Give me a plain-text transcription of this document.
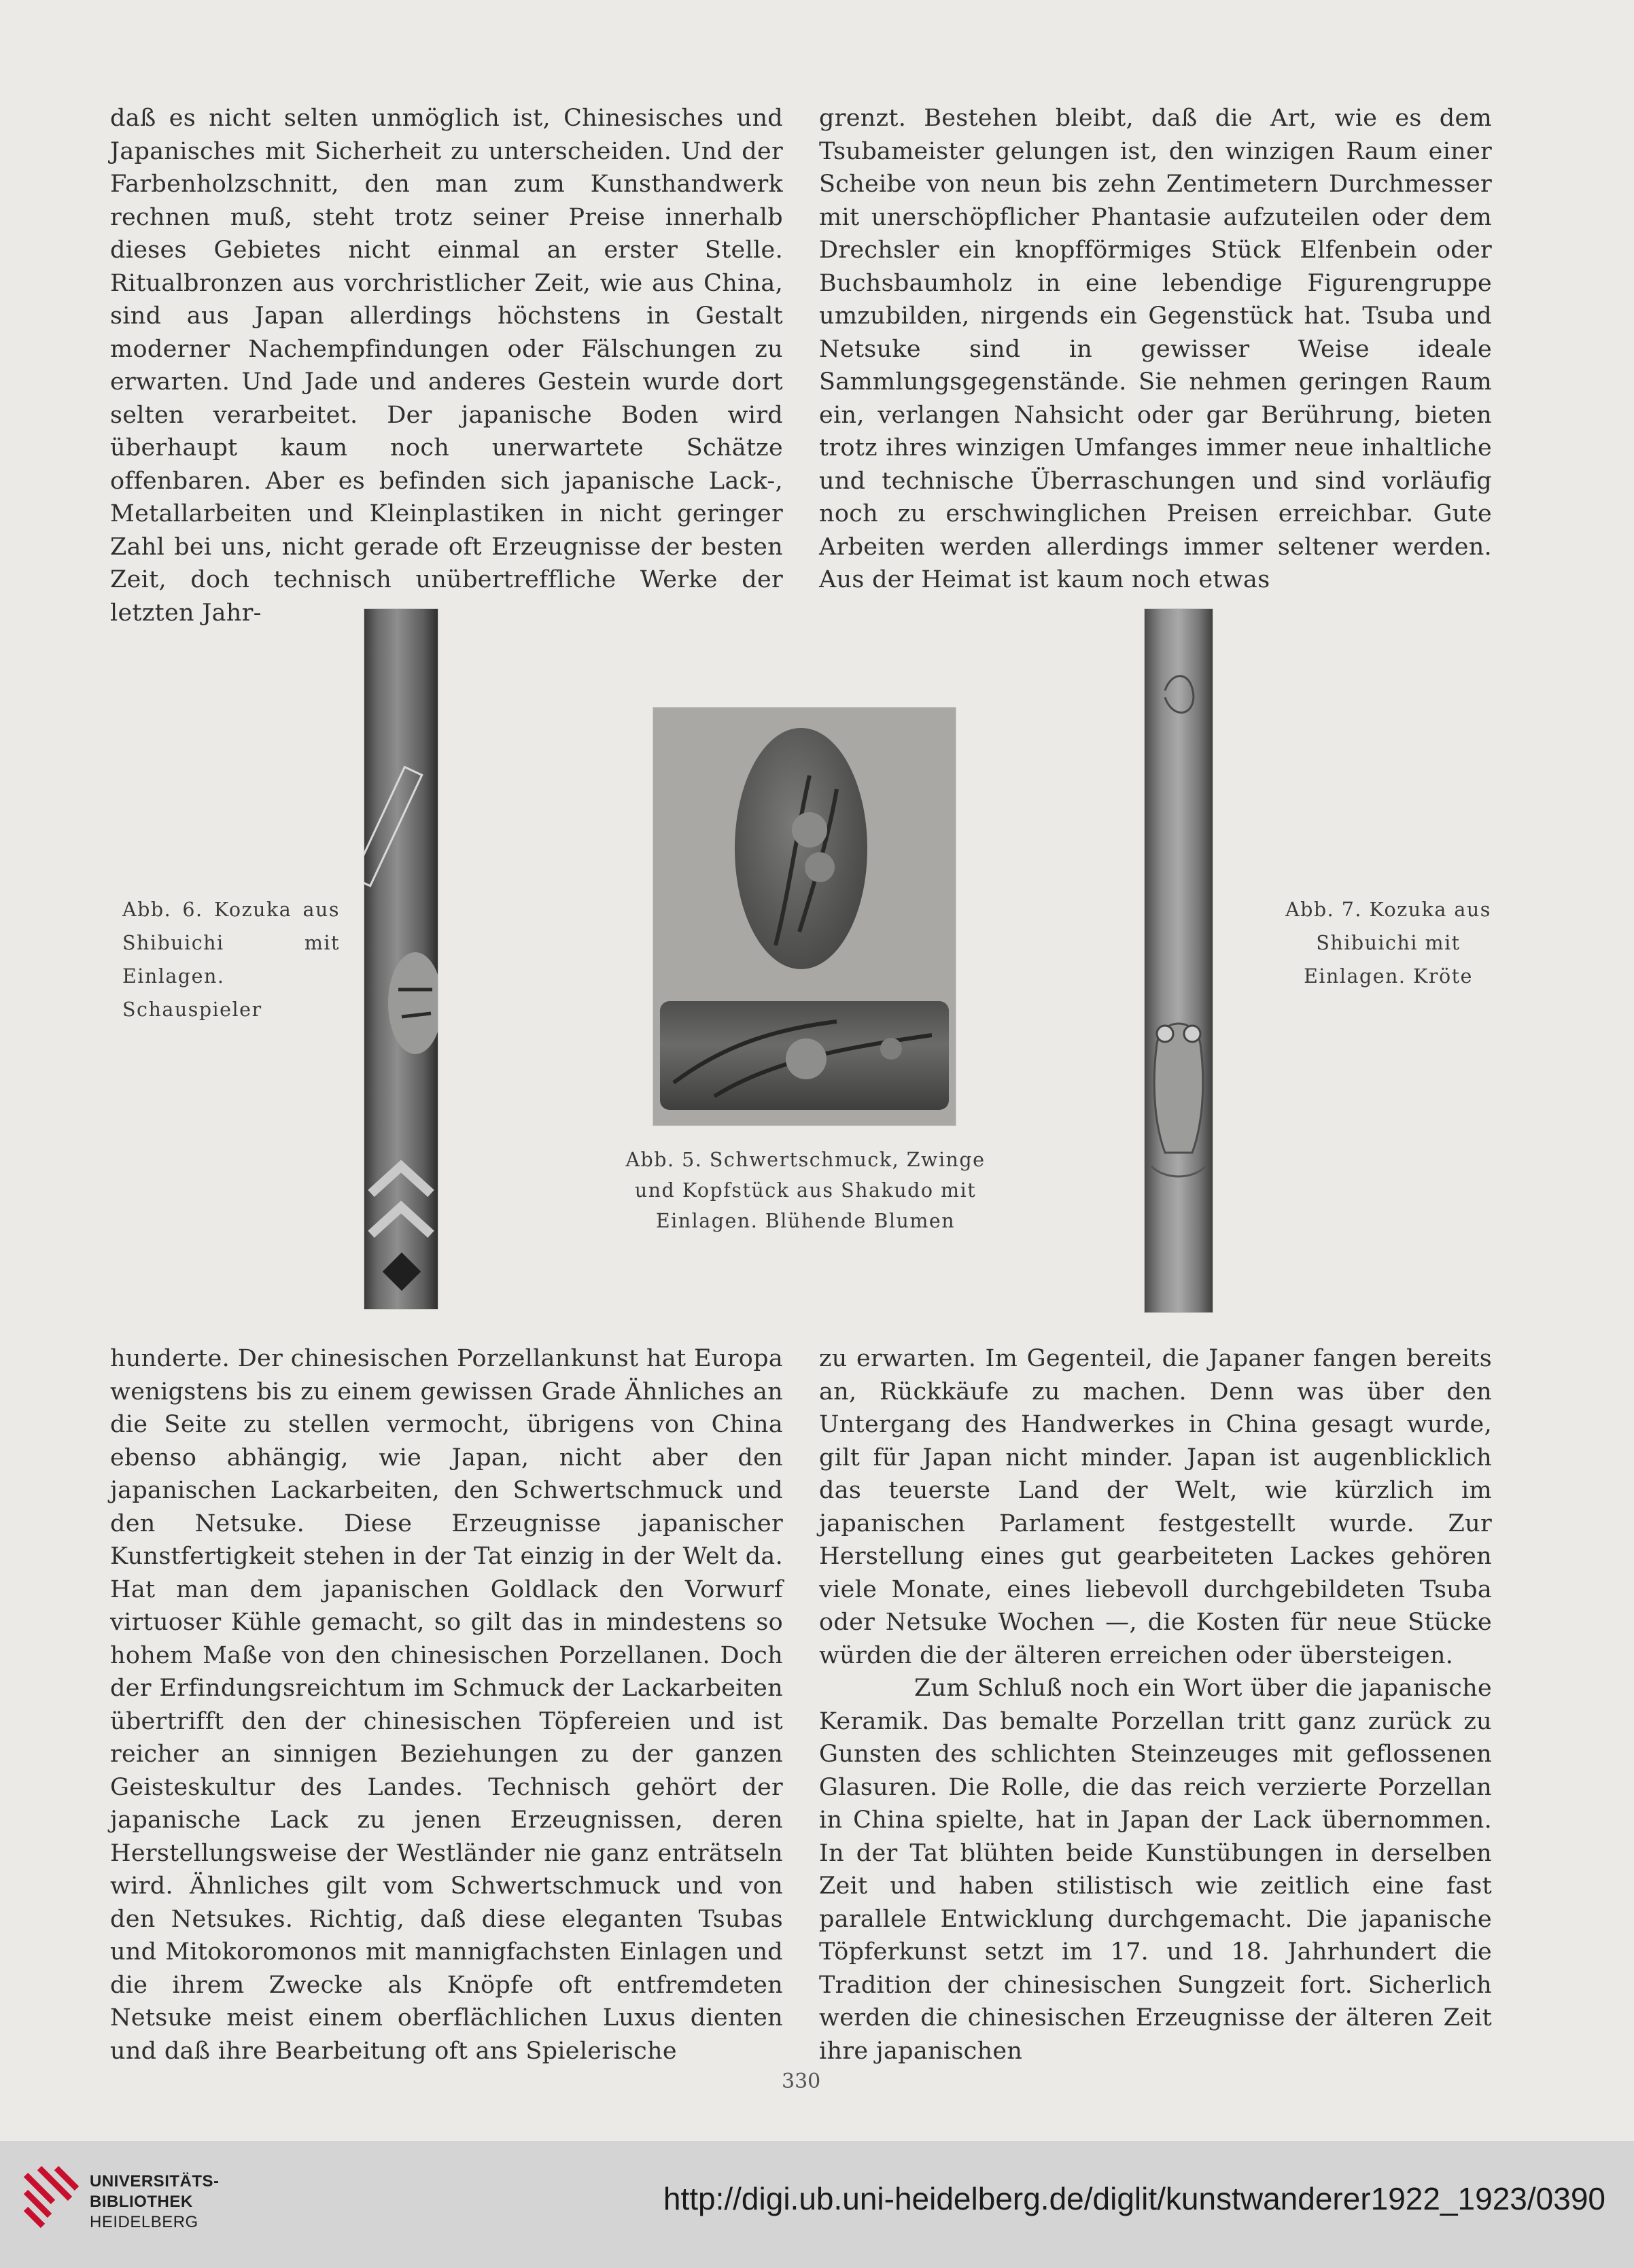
daß es nicht selten unmöglich ist, Chinesisches und Japanisches mit Sicherheit zu unterscheiden. Und der Farbenholzschnitt, den man zum Kunsthandwerk rechnen muß, steht trotz seiner Preise innerhalb dieses Gebietes nicht einmal an erster Stelle. Ritualbronzen aus vorchristlicher Zeit, wie aus China, sind aus Japan allerdings höchstens in Gestalt moderner Nachempfindungen oder Fälschungen zu erwarten. Und Jade und anderes Gestein wurde dort selten verarbeitet. Der japanische Boden wird überhaupt kaum noch unerwartete Schätze offenbaren. Aber es befinden sich japanische Lack-, Metallarbeiten und Kleinplastiken in nicht geringer Zahl bei uns, nicht gerade oft Erzeugnisse der besten Zeit, doch technisch unübertreffliche Werke der letzten Jahr-

grenzt. Bestehen bleibt, daß die Art, wie es dem Tsubameister gelungen ist, den winzigen Raum einer Scheibe von neun bis zehn Zentimetern Durchmesser mit unerschöpflicher Phantasie aufzuteilen oder dem Drechsler ein knopfförmiges Stück Elfenbein oder Buchsbaumholz in eine lebendige Figurengruppe umzubilden, nirgends ein Gegenstück hat. Tsuba und Netsuke sind in gewisser Weise ideale Sammlungsgegenstände. Sie nehmen geringen Raum ein, verlangen Nahsicht oder gar Berührung, bieten trotz ihres winzigen Umfanges immer neue inhaltliche und technische Überraschungen und sind vorläufig noch zu erschwinglichen Preisen erreichbar. Gute Arbeiten werden allerdings immer seltener werden. Aus der Heimat ist kaum noch etwas

Abb. 6. Kozuka aus Shibuichi mit Einlagen. Schauspieler
Abb. 7. Kozuka aus Shibuichi mit Einlagen. Kröte
Abb. 5. Schwertschmuck, Zwinge und Kopfstück aus Shakudo mit Einlagen. Blühende Blumen

hunderte. Der chinesischen Porzellankunst hat Europa wenigstens bis zu einem gewissen Grade Ähnliches an die Seite zu stellen vermocht, übrigens von China ebenso abhängig, wie Japan, nicht aber den japanischen Lackarbeiten, den Schwertschmuck und den Netsuke. Diese Erzeugnisse japanischer Kunstfertigkeit stehen in der Tat einzig in der Welt da. Hat man dem japanischen Goldlack den Vorwurf virtuoser Kühle gemacht, so gilt das in mindestens so hohem Maße von den chinesischen Porzellanen. Doch der Erfindungsreichtum im Schmuck der Lackarbeiten übertrifft den der chinesischen Töpfereien und ist reicher an sinnigen Beziehungen zu der ganzen Geisteskultur des Landes. Technisch gehört der japanische Lack zu jenen Erzeugnissen, deren Herstellungsweise der Westländer nie ganz enträtseln wird. Ähnliches gilt vom Schwertschmuck und von den Netsukes. Richtig, daß diese eleganten Tsubas und Mitokoromonos mit mannigfachsten Einlagen und die ihrem Zwecke als Knöpfe oft entfremdeten Netsuke meist einem oberflächlichen Luxus dienten und daß ihre Bearbeitung oft ans Spielerische

zu erwarten. Im Gegenteil, die Japaner fangen bereits an, Rückkäufe zu machen. Denn was über den Untergang des Handwerkes in China gesagt wurde, gilt für Japan nicht minder. Japan ist augenblicklich das teuerste Land der Welt, wie kürzlich im japanischen Parlament festgestellt wurde. Zur Herstellung eines gut gearbeiteten Lackes gehören viele Monate, eines liebevoll durchgebildeten Tsuba oder Netsuke Wochen —, die Kosten für neue Stücke würden die der älteren erreichen oder übersteigen.

Zum Schluß noch ein Wort über die japanische Keramik. Das bemalte Porzellan tritt ganz zurück zu Gunsten des schlichten Steinzeuges mit geflossenen Glasuren. Die Rolle, die das reich verzierte Porzellan in China spielte, hat in Japan der Lack übernommen. In der Tat blühten beide Kunstübungen in derselben Zeit und haben stilistisch wie zeitlich eine fast parallele Entwicklung durchgemacht. Die japanische Töpferkunst setzt im 17. und 18. Jahrhundert die Tradition der chinesischen Sungzeit fort. Sicherlich werden die chinesischen Erzeugnisse der älteren Zeit ihre japanischen

330
UNIVERSITÄTS-
BIBLIOTHEK
HEIDELBERG
http://digi.ub.uni-heidelberg.de/diglit/kunstwanderer1922_1923/0390
